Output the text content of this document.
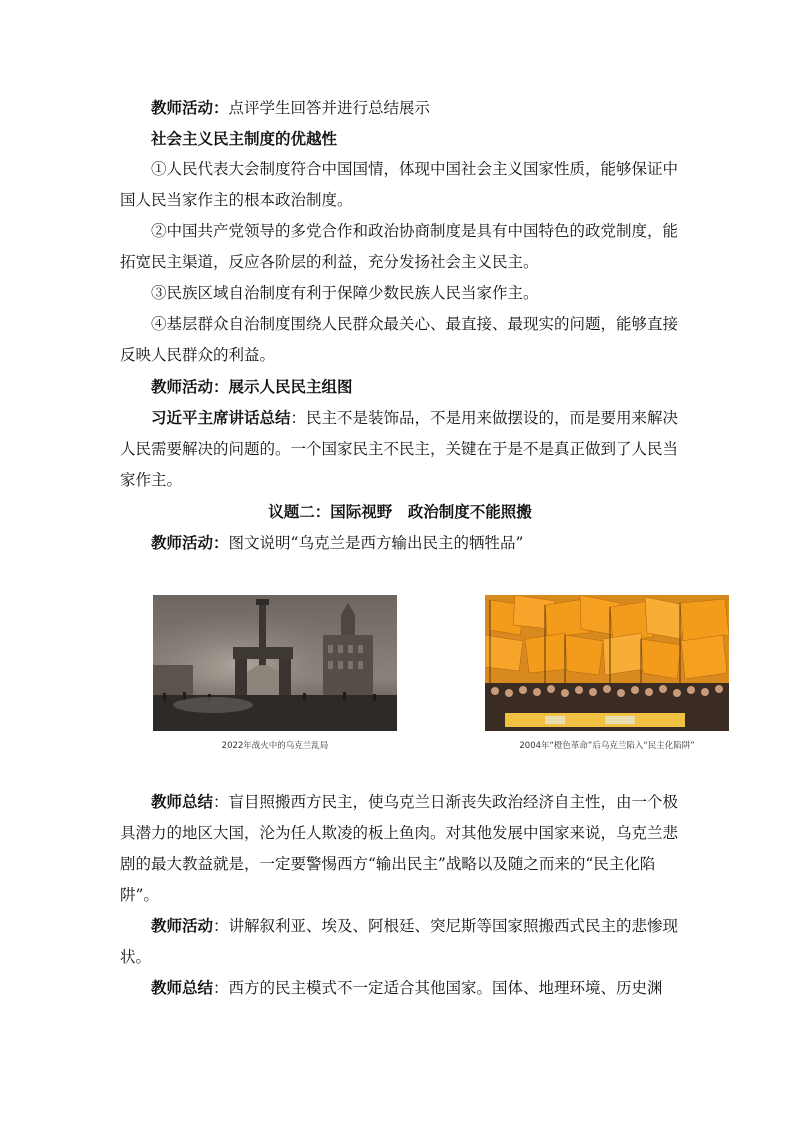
教师活动：点评学生回答并进行总结展示

社会主义民主制度的优越性

①人民代表大会制度符合中国国情，体现中国社会主义国家性质，能够保证中国人民当家作主的根本政治制度。

②中国共产党领导的多党合作和政治协商制度是具有中国特色的政党制度，能拓宽民主渠道，反应各阶层的利益，充分发扬社会主义民主。

③民族区域自治制度有利于保障少数民族人民当家作主。

④基层群众自治制度围绕人民群众最关心、最直接、最现实的问题，能够直接反映人民群众的利益。

教师活动：展示人民民主组图

习近平主席讲话总结：民主不是装饰品，不是用来做摆设的，而是要用来解决人民需要解决的问题的。一个国家民主不民主，关键在于是不是真正做到了人民当家作主。

议题二：国际视野　政治制度不能照搬

教师活动：图文说明“乌克兰是西方输出民主的牺牲品”

2022年战火中的乌克兰乱局	2004年“橙色革命”后乌克兰陷入“民主化陷阱”

教师总结：盲目照搬西方民主，使乌克兰日渐丧失政治经济自主性，由一个极具潜力的地区大国，沦为任人欺凌的板上鱼肉。对其他发展中国家来说，乌克兰悲剧的最大教益就是，一定要警惕西方“输出民主”战略以及随之而来的“民主化陷阱”。

教师活动：讲解叙利亚、埃及、阿根廷、突尼斯等国家照搬西式民主的悲惨现状。

教师总结：西方的民主模式不一定适合其他国家。国体、地理环境、历史渊
